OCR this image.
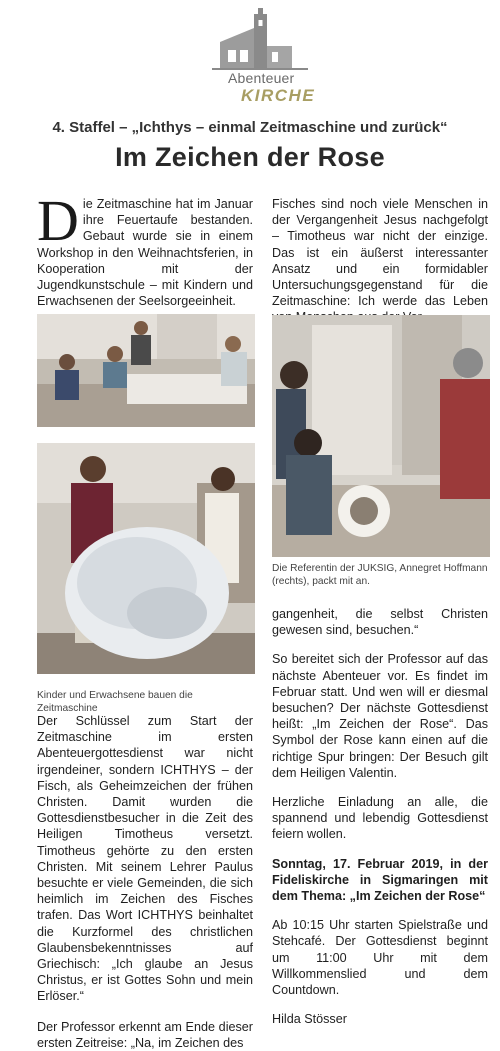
Abenteuer
KIRCHE
4. Staffel – „Ichthys – einmal Zeitmaschine und zurück“
Im Zeichen der Rose
D ie Zeitmaschine hat im Januar ihre Feuertaufe bestanden. Gebaut wurde sie in einem Workshop in den Weihnachtsferien, in Kooperation mit der Jugendkunstschule – mit Kindern und Erwachsenen der Seelsorgeeinheit.
Kinder und Erwachsene bauen die Zeitmaschine

Der Schlüssel zum Start der Zeitmaschine im ersten Abenteuergottesdienst war nicht irgendeiner, sondern ICHTHYS – der Fisch, als Geheimzeichen der frühen Christen. Damit wurden die Gottesdienstbesucher in die Zeit des Heiligen Timotheus versetzt. Timotheus gehörte zu den ersten Christen. Mit seinem Lehrer Paulus besuchte er viele Gemeinden, die sich heimlich im Zeichen des Fisches trafen. Das Wort ICHTHYS beinhaltet die Kurzformel des christlichen Glaubensbekenntnisses auf Griechisch: „Ich glaube an Jesus Christus, er ist Gottes Sohn und mein Erlöser.“

Der Professor erkennt am Ende dieser ersten Zeitreise: „Na, im Zeichen des

Fisches sind noch viele Menschen in der Vergangenheit Jesus nachgefolgt – Timotheus war nicht der einzige. Das ist ein äußerst interessanter Ansatz und ein formidabler Untersuchungsgegenstand für die Zeitmaschine: Ich werde das Leben

Die Referentin der JUKSIG, Annegret Hoffmann (rechts), packt mit an.

gangenheit, die selbst Christen gewesen sind, besuchen.“

So bereitet sich der Professor auf das nächste Abenteuer vor. Es findet im Februar statt. Und wen will er diesmal besuchen? Der nächste Gottesdienst heißt: „Im Zeichen der Rose“. Das Symbol der Rose kann einen auf die richtige Spur bringen: Der Besuch gilt dem Heiligen Valentin.

Herzliche Einladung an alle, die spannend und lebendig Gottesdienst feiern wollen.

Sonntag, 17. Februar 2019, in der Fideliskirche in Sigmaringen mit dem Thema: „Im Zeichen der Rose“

Ab 10:15 Uhr starten Spielstraße und Stehcafé. Der Gottesdienst beginnt um 11:00 Uhr mit dem Willkommenslied und dem Countdown.

Hilda Stösser
